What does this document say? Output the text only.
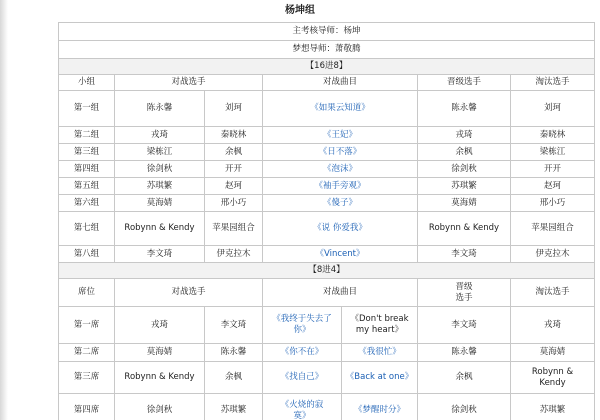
杨坤组
主考核导师：杨坤						
梦想导师：萧敬腾						
【16进8】						
小组	对战选手		对战曲目		晋级选手	淘汰选手
第一组	陈永馨	刘珂	《如果云知道》		陈永馨	刘珂
第二组	戎琦	秦晓林	《王妃》		戎琦	秦晓林
第三组	梁栋江	余枫	《日不落》		余枫	梁栋江
第四组	徐剑秋	开开	《泡沫》		徐剑秋	开开
第五组	苏琪繁	赵珂	《袖手旁观》		苏琪繁	赵珂
第六组	莫海婧	邢小巧	《傻子》		莫海婧	邢小巧
第七组	Robynn & Kendy	苹果园组合	《说 你爱我》		Robynn & Kendy	苹果园组合
第八组	李文琦	伊克拉木	《Vincent》		李文琦	伊克拉木
【8进4】						
席位	对战选手		对战曲目		晋级选手	淘汰选手
第一席	戎琦	李文琦	《我终于失去了你》	《Don't break my heart》	李文琦	戎琦
第二席	莫海婧	陈永馨	《你不在》	《我很忙》	陈永馨	莫海婧
第三席	Robynn & Kendy	余枫	《找自己》	《Back at one》	余枫	Robynn & Kendy
第四席	徐剑秋	苏琪繁	《火烧的寂寞》	《梦醒时分》	徐剑秋	苏琪繁
